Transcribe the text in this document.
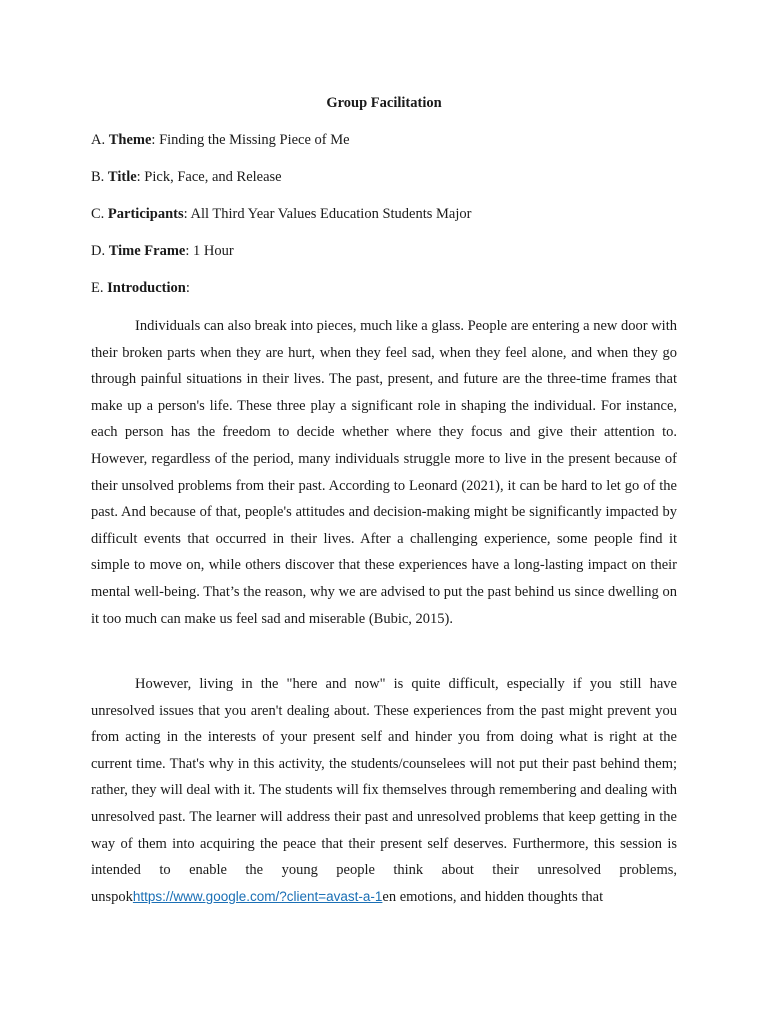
Group Facilitation
A. Theme: Finding the Missing Piece of Me
B. Title: Pick, Face, and Release
C. Participants: All Third Year Values Education Students Major
D. Time Frame: 1 Hour
E. Introduction:

Individuals can also break into pieces, much like a glass. People are entering a new door with their broken parts when they are hurt, when they feel sad, when they feel alone, and when they go through painful situations in their lives. The past, present, and future are the three-time frames that make up a person's life. These three play a significant role in shaping the individual. For instance, each person has the freedom to decide whether where they focus and give their attention to. However, regardless of the period, many individuals struggle more to live in the present because of their unsolved problems from their past. According to Leonard (2021), it can be hard to let go of the past. And because of that, people's attitudes and decision-making might be significantly impacted by difficult events that occurred in their lives. After a challenging experience, some people find it simple to move on, while others discover that these experiences have a long-lasting impact on their mental well-being. That’s the reason, why we are advised to put the past behind us since dwelling on it too much can make us feel sad and miserable (Bubic, 2015).

However, living in the "here and now" is quite difficult, especially if you still have unresolved issues that you aren't dealing about. These experiences from the past might prevent you from acting in the interests of your present self and hinder you from doing what is right at the current time. That's why in this activity, the students/counselees will not put their past behind them; rather, they will deal with it. The students will fix themselves through remembering and dealing with unresolved past. The learner will address their past and unresolved problems that keep getting in the way of them into acquiring the peace that their present self deserves. Furthermore, this session is intended to enable the young people think about their unresolved problems, unspokhttps://www.google.com/?client=avast-a-1en emotions, and hidden thoughts that
